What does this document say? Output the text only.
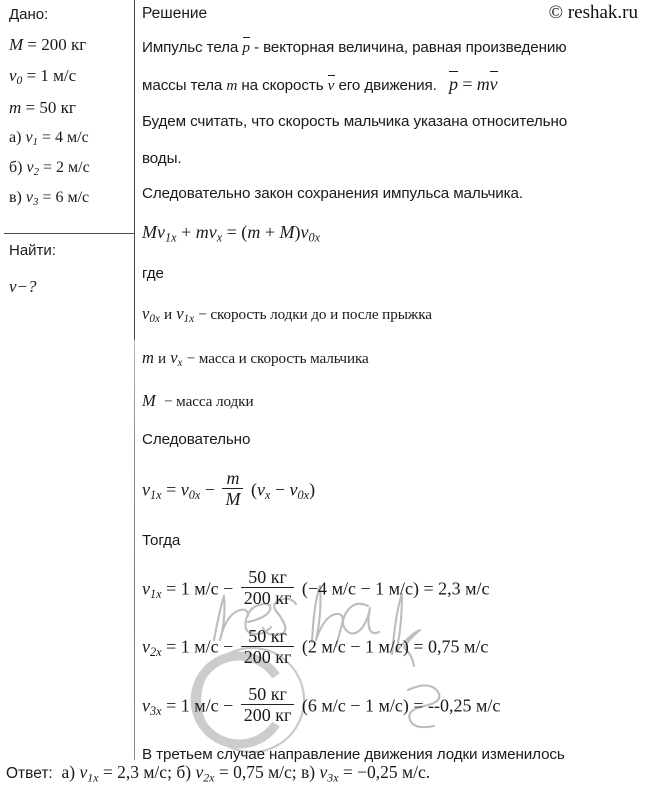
© reshak.ru
Дано:
M = 200 кг
$v_0 = 1$ м/с
m = 50 кг
а) $v_1 = 4$ м/с
б) $v_2 = 2$ м/с
в) $v_3 = 6$ м/с
Найти:
v−?
Решение
Импульс тела p - векторная величина, равная произведению
массы тела m на скорость v его движения. p = mv
Будем считать, что скорость мальчика указана относительно
воды.
Следовательно закон сохранения импульса мальчика.
$Mv_{1x} + mv_x = (m + M)v_{0x}$
где
$v_{0x}$ и $v_{1x}$ − скорость лодки до и после прыжка
m и $v_x$ − масса и скорость мальчика
M − масса лодки
Следовательно
$v_{1x} = v_{0x} - \frac{m}{M} (v_x - v_{0x})$
Тогда
$v_{1x} = 1$ $м/с - \frac{50 кг}{200 кг} (-4$ м/с − 1 м/с) = 2,3 м/с
$v_{2x} = 1$ $м/с - \frac{50 кг}{200 кг} (2$ м/с − 1 м/с) = 0,75 м/с
$v_{3x} = 1$ $м/с - \frac{50 кг}{200 кг} (6$ м/с − 1 м/с) = --0,25 м/с
В третьем случае направление движения лодки изменилось
Ответ: а) $v_{1x} = 2,3$ м/с; б) $v_{2x} = 0,75$ м/с; в) $v_{3x} = -0,25$ м/с.
